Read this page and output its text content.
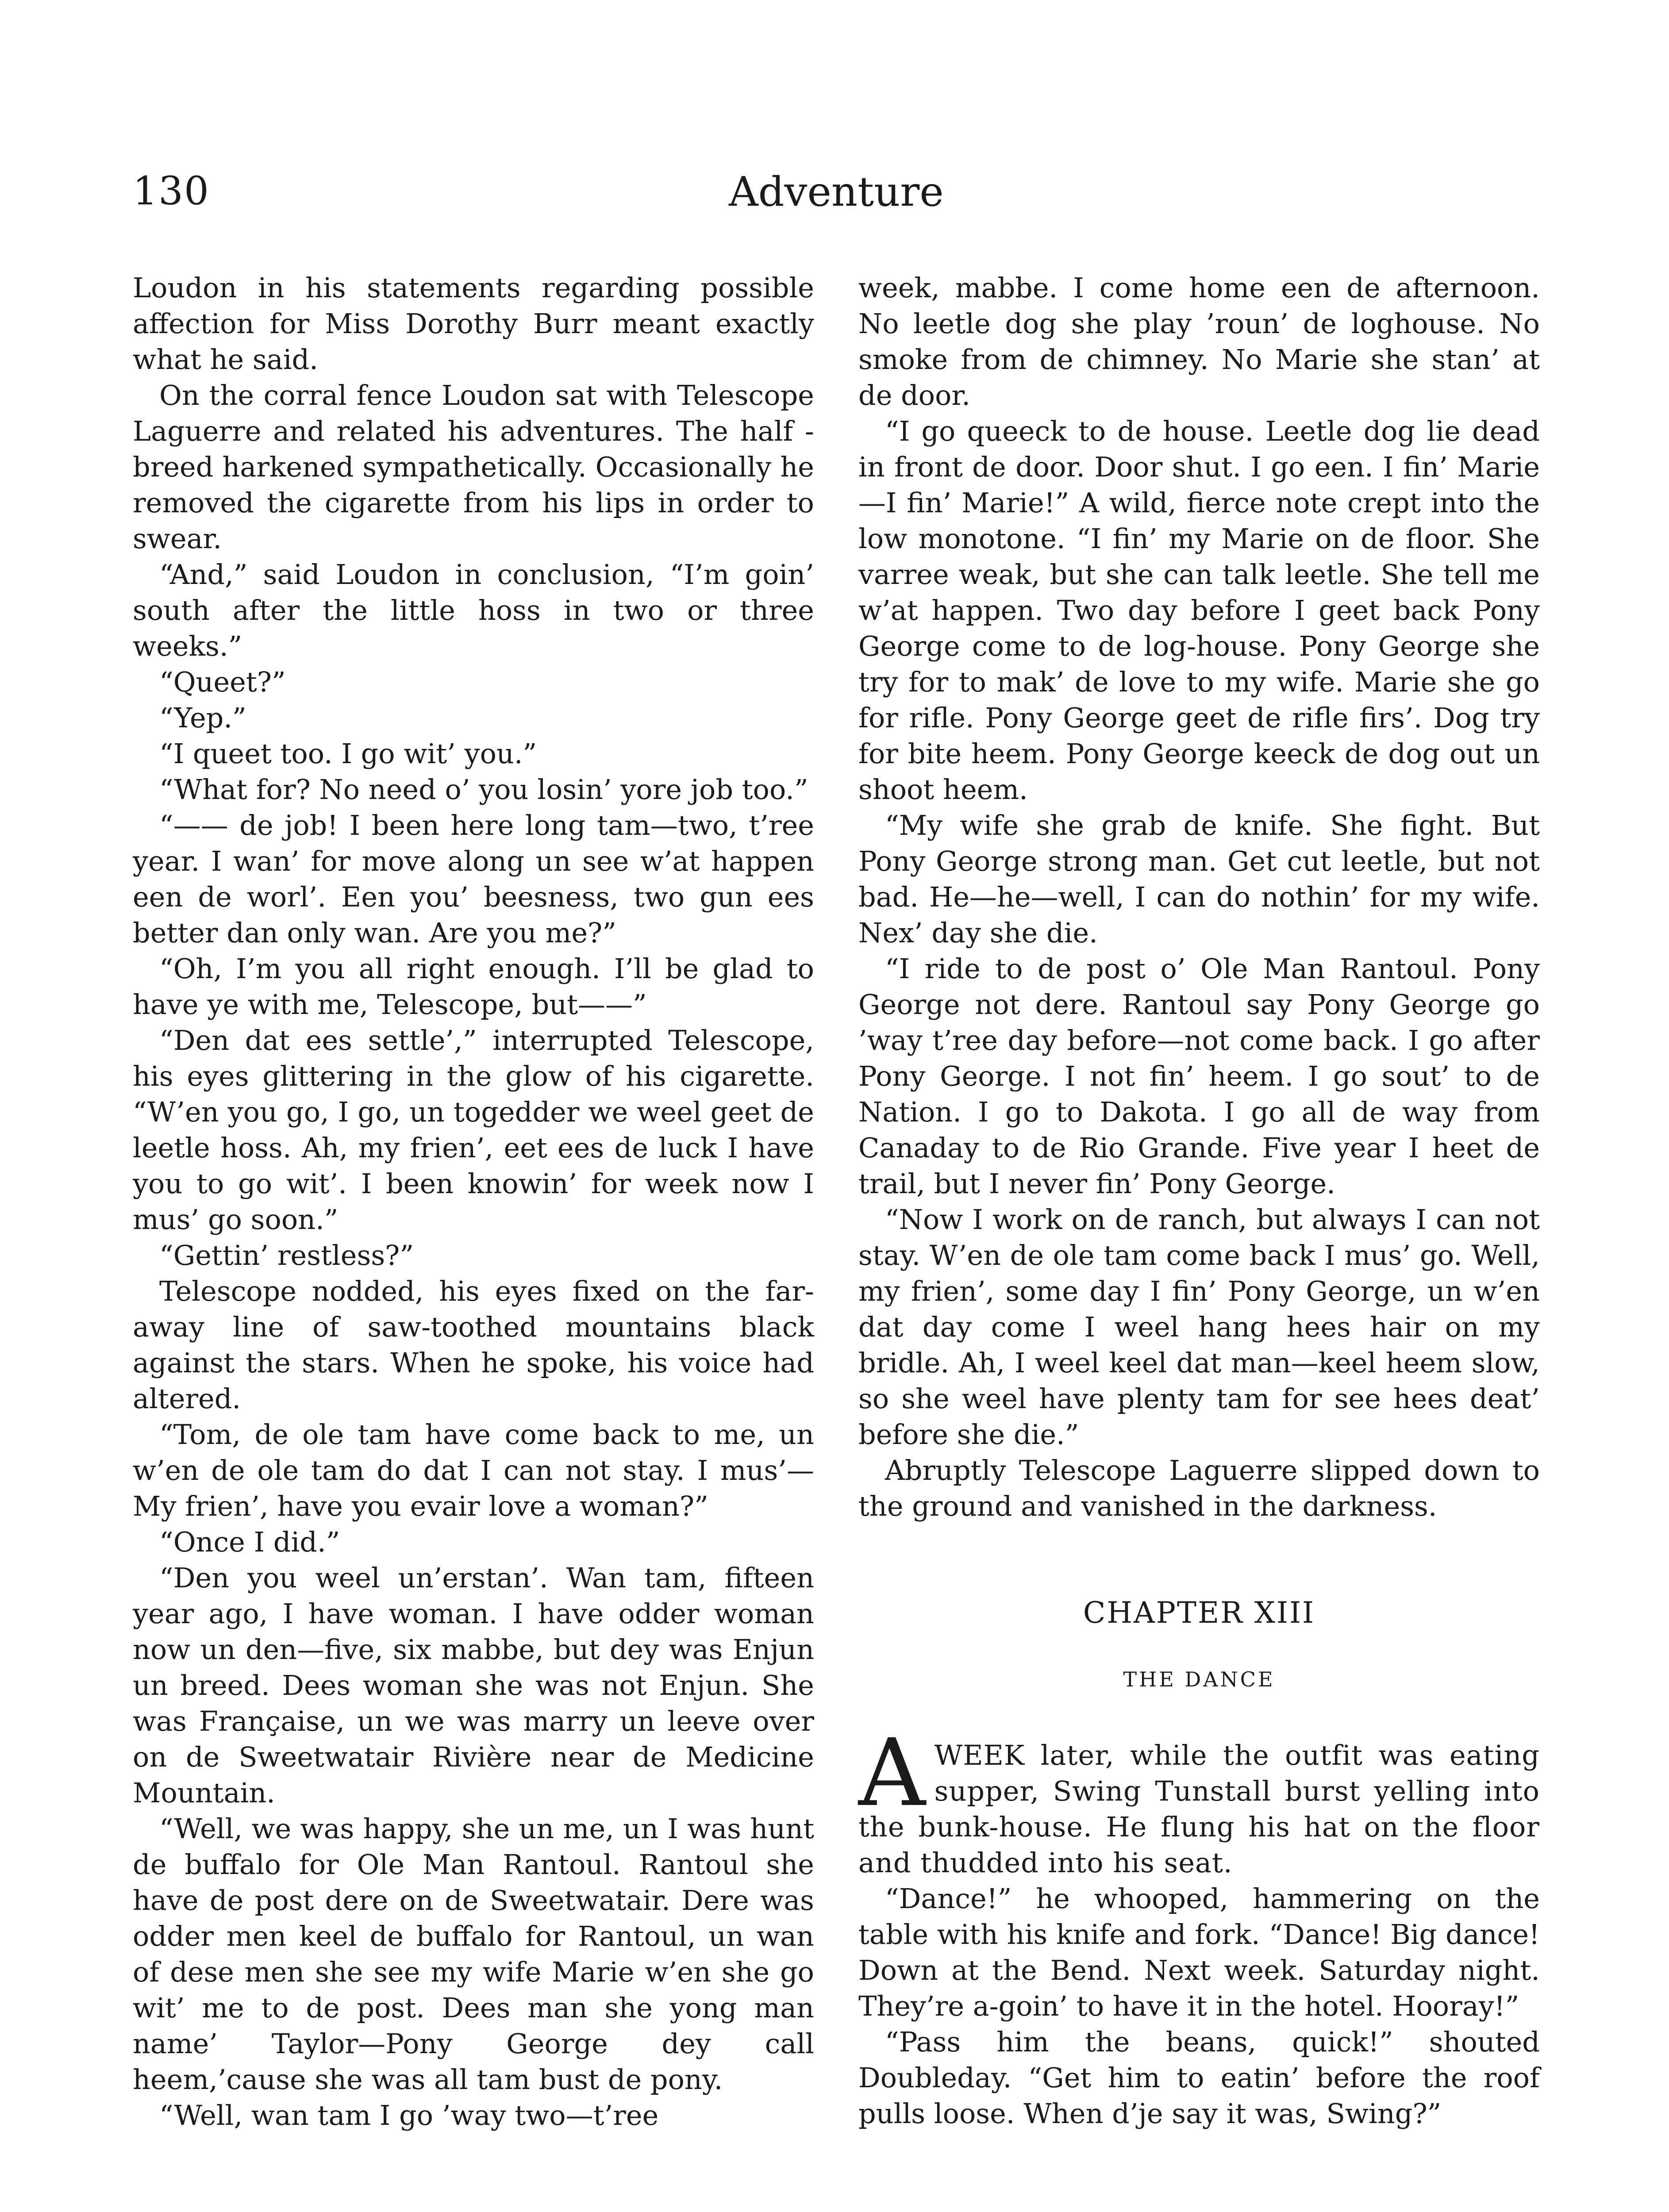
130	Adventure

Loudon in his statements regarding possible affection for Miss Dorothy Burr meant exactly what he said.

On the corral fence Loudon sat with Telescope Laguerre and related his adventures. The half - breed harkened sympathetically. Occasionally he removed the cigarette from his lips in order to swear.

“And,” said Loudon in conclusion, “I’m goin’ south after the little hoss in two or three weeks.”

“Queet?”

“Yep.”

“I queet too. I go wit’ you.”

“What for? No need o’ you losin’ yore job too.”

“—— de job! I been here long tam—two, t’ree year. I wan’ for move along un see w’at happen een de worl’. Een you’ beesness, two gun ees better dan only wan. Are you me?”

“Oh, I’m you all right enough. I’ll be glad to have ye with me, Telescope, but——”

“Den dat ees settle’,” interrupted Telescope, his eyes glittering in the glow of his cigarette. “W’en you go, I go, un togedder we weel geet de leetle hoss. Ah, my frien’, eet ees de luck I have you to go wit’. I been knowin’ for week now I mus’ go soon.”

“Gettin’ restless?”

Telescope nodded, his eyes fixed on the far-away line of saw-toothed mountains black against the stars. When he spoke, his voice had altered.

“Tom, de ole tam have come back to me, un w’en de ole tam do dat I can not stay. I mus’—My frien’, have you evair love a woman?”

“Once I did.”

“Den you weel un’erstan’. Wan tam, fifteen year ago, I have woman. I have odder woman now un den—five, six mabbe, but dey was Enjun un breed. Dees woman she was not Enjun. She was Française, un we was marry un leeve over on de Sweetwatair Rivière near de Medicine Mountain.

“Well, we was happy, she un me, un I was hunt de buffalo for Ole Man Rantoul. Rantoul she have de post dere on de Sweetwatair. Dere was odder men keel de buffalo for Rantoul, un wan of dese men she see my wife Marie w’en she go wit’ me to de post. Dees man she yong man name’ Taylor—Pony George dey call heem,’cause she was all tam bust de pony.

“Well, wan tam I go ’way two—t’ree

week, mabbe. I come home een de afternoon. No leetle dog she play ’roun’ de loghouse. No smoke from de chimney. No Marie she stan’ at de door.

“I go queeck to de house. Leetle dog lie dead in front de door. Door shut. I go een. I fin’ Marie—I fin’ Marie!” A wild, fierce note crept into the low monotone. “I fin’ my Marie on de floor. She varree weak, but she can talk leetle. She tell me w’at happen. Two day before I geet back Pony George come to de log-house. Pony George she try for to mak’ de love to my wife. Marie she go for rifle. Pony George geet de rifle firs’. Dog try for bite heem. Pony George keeck de dog out un shoot heem.

“My wife she grab de knife. She fight. But Pony George strong man. Get cut leetle, but not bad. He—he—well, I can do nothin’ for my wife. Nex’ day she die.

“I ride to de post o’ Ole Man Rantoul. Pony George not dere. Rantoul say Pony George go ’way t’ree day before—not come back. I go after Pony George. I not fin’ heem. I go sout’ to de Nation. I go to Dakota. I go all de way from Canaday to de Rio Grande. Five year I heet de trail, but I never fin’ Pony George.

“Now I work on de ranch, but always I can not stay. W’en de ole tam come back I mus’ go. Well, my frien’, some day I fin’ Pony George, un w’en dat day come I weel hang hees hair on my bridle. Ah, I weel keel dat man—keel heem slow, so she weel have plenty tam for see hees deat’ before she die.”

Abruptly Telescope Laguerre slipped down to the ground and vanished in the darkness.

CHAPTER XIII
THE DANCE

AWEEK later, while the outfit was eating supper, Swing Tunstall burst yelling into the bunk-house. He flung his hat on the floor and thudded into his seat.

“Dance!” he whooped, hammering on the table with his knife and fork. “Dance! Big dance! Down at the Bend. Next week. Saturday night. They’re a-goin’ to have it in the hotel. Hooray!”

“Pass him the beans, quick!” shouted Doubleday. “Get him to eatin’ before the roof pulls loose. When d’je say it was, Swing?”
